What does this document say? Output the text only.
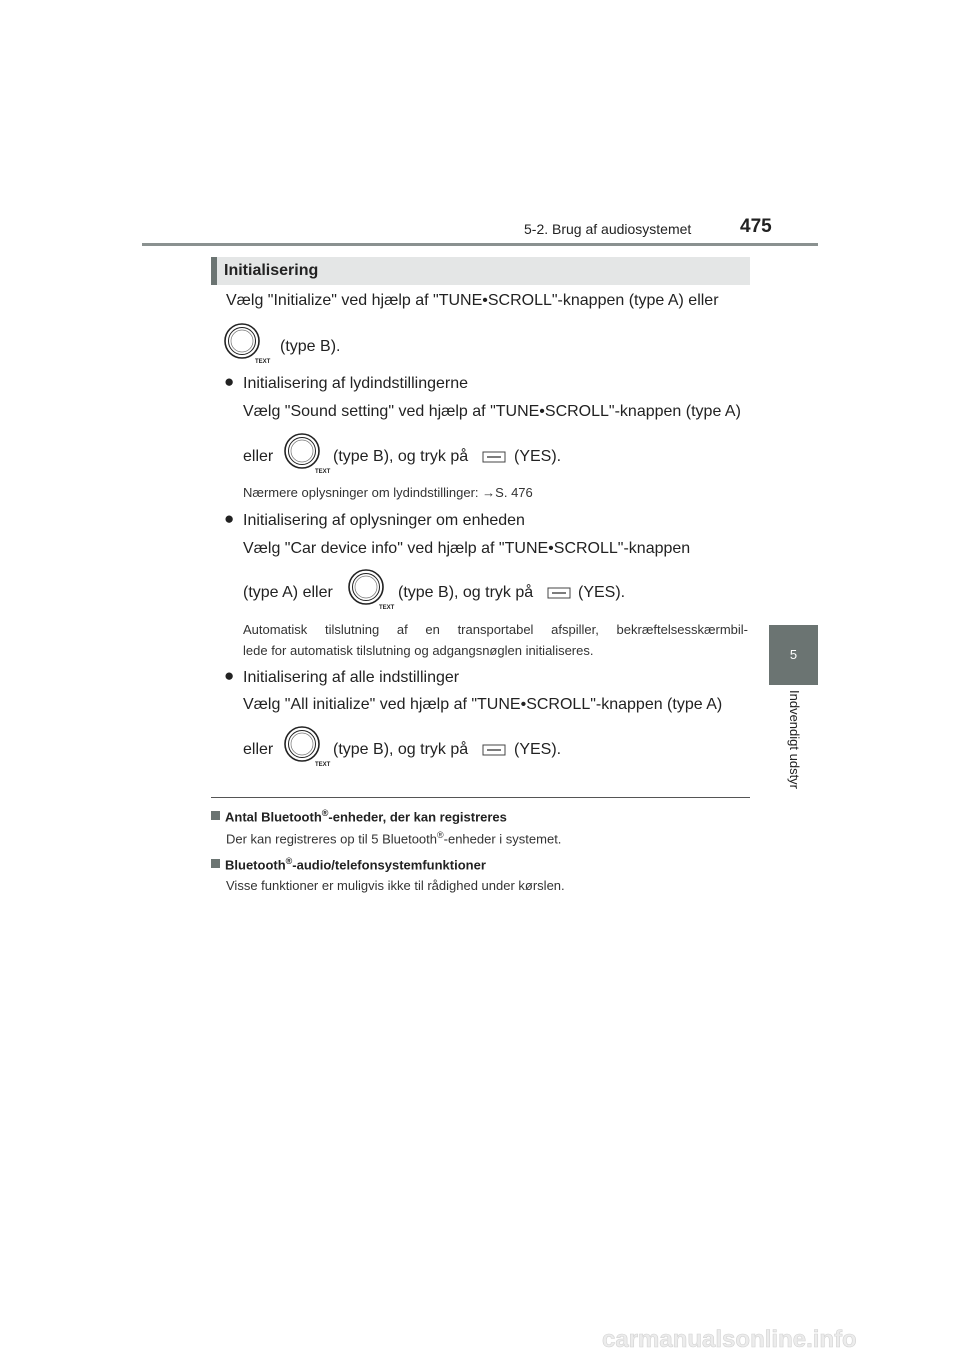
5-2. Brug af audiosystemet	475
5
Indvendigt udstyr
Initialisering
Vælg "Initialize" ved hjælp af "TUNE•SCROLL"-knappen (type A) eller
TEXT
(type B).
● Initialisering af lydindstillingerne
Vælg "Sound setting" ved hjælp af "TUNE•SCROLL"-knappen (type A)
eller
TEXT
(type B), og tryk på	(YES).
Nærmere oplysninger om lydindstillinger: →S. 476
● Initialisering af oplysninger om enheden
Vælg "Car device info" ved hjælp af "TUNE•SCROLL"-knappen
(type A) eller
TEXT
(type B), og tryk på	(YES).
Automatisk tilslutning af en transportabel afspiller, bekræftelsesskærmbil-
lede for automatisk tilslutning og adgangsnøglen initialiseres.
● Initialisering af alle indstillinger
Vælg "All initialize" ved hjælp af "TUNE•SCROLL"-knappen (type A)
eller
TEXT
(type B), og tryk på	(YES).
Antal Bluetooth®-enheder, der kan registreres
Der kan registreres op til 5 Bluetooth®-enheder i systemet.
Bluetooth®-audio/telefonsystemfunktioner
Visse funktioner er muligvis ikke til rådighed under kørslen.
carmanualsonline.info
